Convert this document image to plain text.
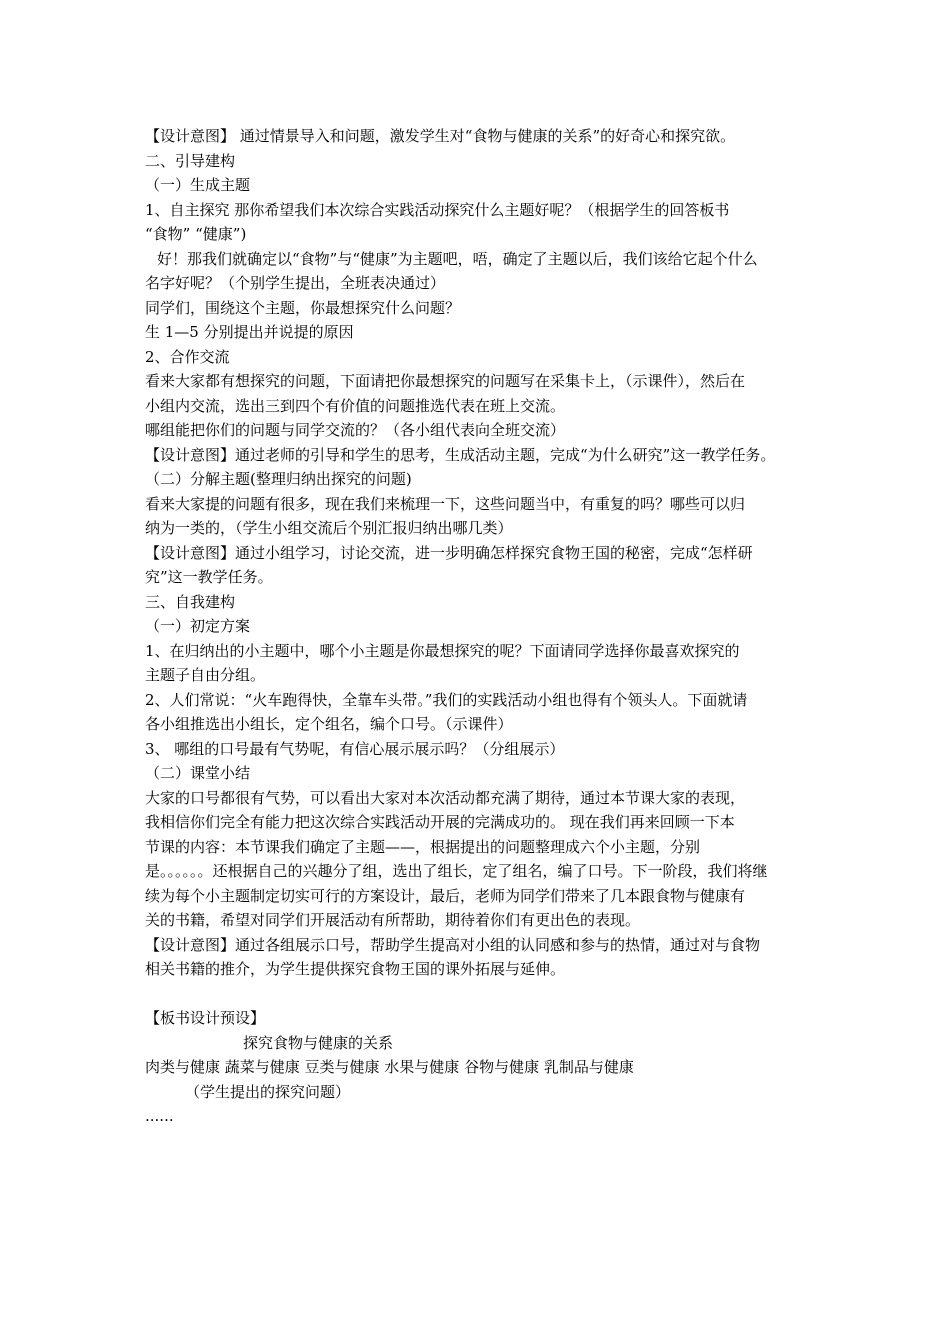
【设计意图】 通过情景导入和问题，激发学生对“食物与健康的关系”的好奇心和探究欲。
二、引导建构
（一）生成主题
1、自主探究 那你希望我们本次综合实践活动探究什么主题好呢？（根据学生的回答板书
“食物” “健康”)
好！那我们就确定以“食物”与“健康”为主题吧，唔，确定了主题以后，我们该给它起个什么
名字好呢？（个别学生提出，全班表决通过）
同学们，围绕这个主题，你最想探究什么问题？
生 1—5 分别提出并说提的原因
2、合作交流
看来大家都有想探究的问题，下面请把你最想探究的问题写在采集卡上，（示课件），然后在
小组内交流，选出三到四个有价值的问题推选代表在班上交流。
哪组能把你们的问题与同学交流的？（各小组代表向全班交流）
【设计意图】通过老师的引导和学生的思考，生成活动主题，完成“为什么研究”这一教学任务。
（二）分解主题(整理归纳出探究的问题)
看来大家提的问题有很多，现在我们来梳理一下，这些问题当中，有重复的吗？哪些可以归
纳为一类的，（学生小组交流后个别汇报归纳出哪几类）
【设计意图】通过小组学习，讨论交流，进一步明确怎样探究食物王国的秘密，完成“怎样研
究”这一教学任务。
三、自我建构
（一）初定方案
1、在归纳出的小主题中，哪个小主题是你最想探究的呢？下面请同学选择你最喜欢探究的
主题子自由分组。
2、人们常说：“火车跑得快，全靠车头带。”我们的实践活动小组也得有个领头人。下面就请
各小组推选出小组长，定个组名，编个口号。（示课件）
3、 哪组的口号最有气势呢，有信心展示展示吗？（分组展示）
（二）课堂小结
大家的口号都很有气势，可以看出大家对本次活动都充满了期待，通过本节课大家的表现，
我相信你们完全有能力把这次综合实践活动开展的完满成功的。 现在我们再来回顾一下本
节课的内容：本节课我们确定了主题——，根据提出的问题整理成六个小主题，分别
是。。。。。。还根据自己的兴趣分了组，选出了组长，定了组名，编了口号。下一阶段，我们将继
续为每个小主题制定切实可行的方案设计，最后，老师为同学们带来了几本跟食物与健康有
关的书籍，希望对同学们开展活动有所帮助，期待着你们有更出色的表现。
【设计意图】通过各组展示口号，帮助学生提高对小组的认同感和参与的热情，通过对与食物
相关书籍的推介，为学生提供探究食物王国的课外拓展与延伸。
【板书设计预设】
探究食物与健康的关系
肉类与健康 蔬菜与健康 豆类与健康 水果与健康 谷物与健康 乳制品与健康
（学生提出的探究问题）
......
